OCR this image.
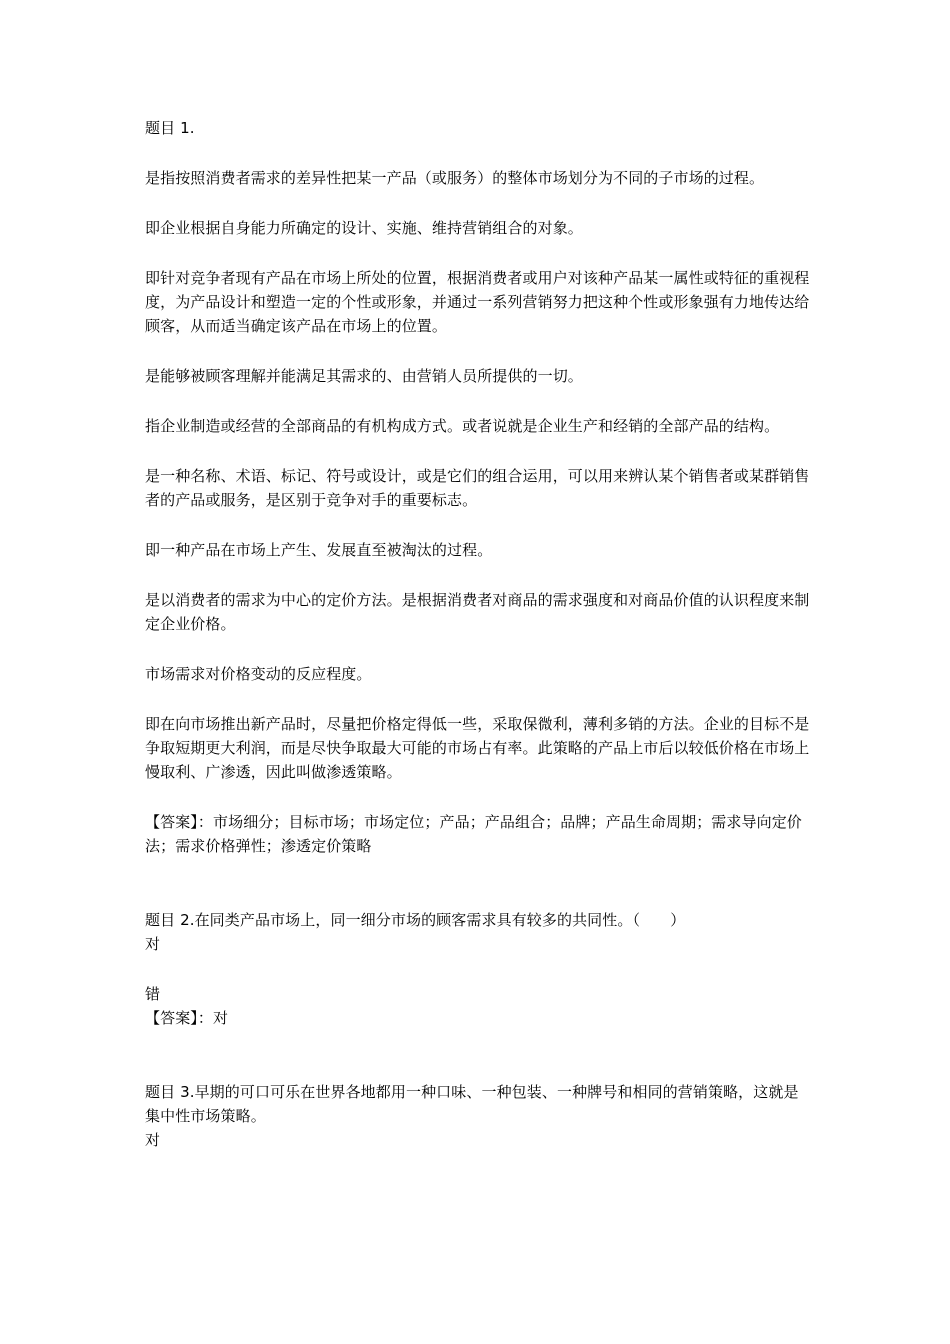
题目 1.
是指按照消费者需求的差异性把某一产品（或服务）的整体市场划分为不同的子市场的过程。
即企业根据自身能力所确定的设计、实施、维持营销组合的对象。
即针对竞争者现有产品在市场上所处的位置，根据消费者或用户对该种产品某一属性或特征的重视程度，为产品设计和塑造一定的个性或形象，并通过一系列营销努力把这种个性或形象强有力地传达给顾客，从而适当确定该产品在市场上的位置。
是能够被顾客理解并能满足其需求的、由营销人员所提供的一切。
指企业制造或经营的全部商品的有机构成方式。或者说就是企业生产和经销的全部产品的结构。
是一种名称、术语、标记、符号或设计，或是它们的组合运用，可以用来辨认某个销售者或某群销售者的产品或服务，是区别于竞争对手的重要标志。
即一种产品在市场上产生、发展直至被淘汰的过程。
是以消费者的需求为中心的定价方法。是根据消费者对商品的需求强度和对商品价值的认识程度来制定企业价格。
市场需求对价格变动的反应程度。
即在向市场推出新产品时，尽量把价格定得低一些，采取保微利，薄利多销的方法。企业的目标不是争取短期更大利润，而是尽快争取最大可能的市场占有率。此策略的产品上市后以较低价格在市场上慢取利、广渗透，因此叫做渗透策略。
【答案】：市场细分；目标市场；市场定位；产品；产品组合；品牌；产品生命周期；需求导向定价法；需求价格弹性；渗透定价策略
题目 2.在同类产品市场上，同一细分市场的顾客需求具有较多的共同性。（　　）
对
错
【答案】：对
题目 3.早期的可口可乐在世界各地都用一种口味、一种包装、一种牌号和相同的营销策略，这就是集中性市场策略。
对
